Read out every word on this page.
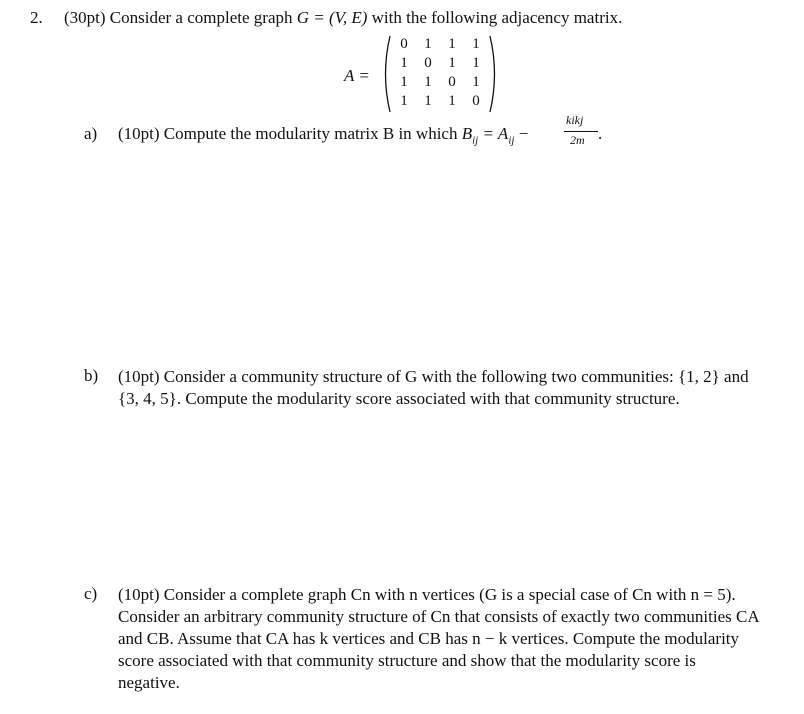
2. (30pt) Consider a complete graph G = (V, E) with the following adjacency matrix.
A =
0	1	1	1
1	0	1	1
1	1	0	1
1	1	1	0
a) (10pt) Compute the modularity matrix B in which $B_{ij} = A_{ij}$ −
kikj
2m .
b) (10pt) Consider a community structure of G with the following two communities: {1, 2} and
{3, 4, 5}. Compute the modularity score associated with that community structure.
c) (10pt) Consider a complete graph Cn with n vertices (G is a special case of Cn with n = 5).
Consider an arbitrary community structure of Cn that consists of exactly two communities CA
and CB. Assume that CA has k vertices and CB has n − k vertices. Compute the modularity
score associated with that community structure and show that the modularity score is
negative.
